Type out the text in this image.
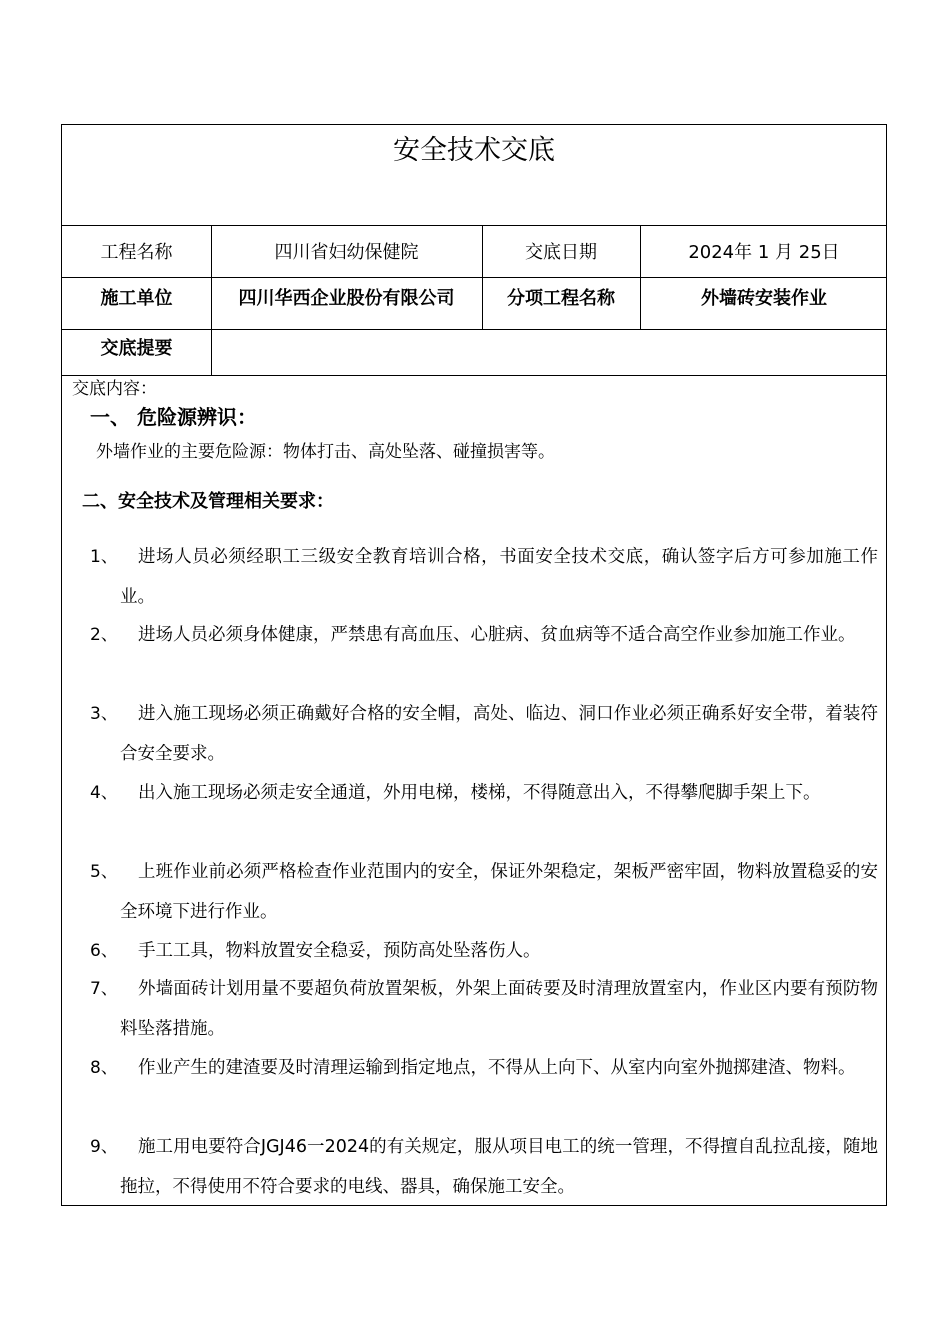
安全技术交底
工程名称	四川省妇幼保健院	交底日期	2024年 1 月 25日
施工单位	四川华西企业股份有限公司	分项工程名称	外墙砖安装作业
交底提要
交底内容：
一、 危险源辨识：
外墙作业的主要危险源：物体打击、高处坠落、碰撞损害等。
二、安全技术及管理相关要求：
1、	进场人员必须经职工三级安全教育培训合格，书面安全技术交底，确认签字后方可参加施工作业。
2、	进场人员必须身体健康，严禁患有高血压、心脏病、贫血病等不适合高空作业参加施工作业。
3、	进入施工现场必须正确戴好合格的安全帽，高处、临边、洞口作业必须正确系好安全带，着装符合安全要求。
4、	出入施工现场必须走安全通道，外用电梯，楼梯，不得随意出入，不得攀爬脚手架上下。
5、	上班作业前必须严格检查作业范围内的安全，保证外架稳定，架板严密牢固，物料放置稳妥的安全环境下进行作业。
6、	手工工具，物料放置安全稳妥，预防高处坠落伤人。
7、	外墙面砖计划用量不要超负荷放置架板，外架上面砖要及时清理放置室内，作业区内要有预防物料坠落措施。
8、	作业产生的建渣要及时清理运输到指定地点，不得从上向下、从室内向室外抛掷建渣、物料。
9、	施工用电要符合JGJ46一2024的有关规定，服从项目电工的统一管理，不得擅自乱拉乱接，随地拖拉，不得使用不符合要求的电线、器具，确保施工安全。
